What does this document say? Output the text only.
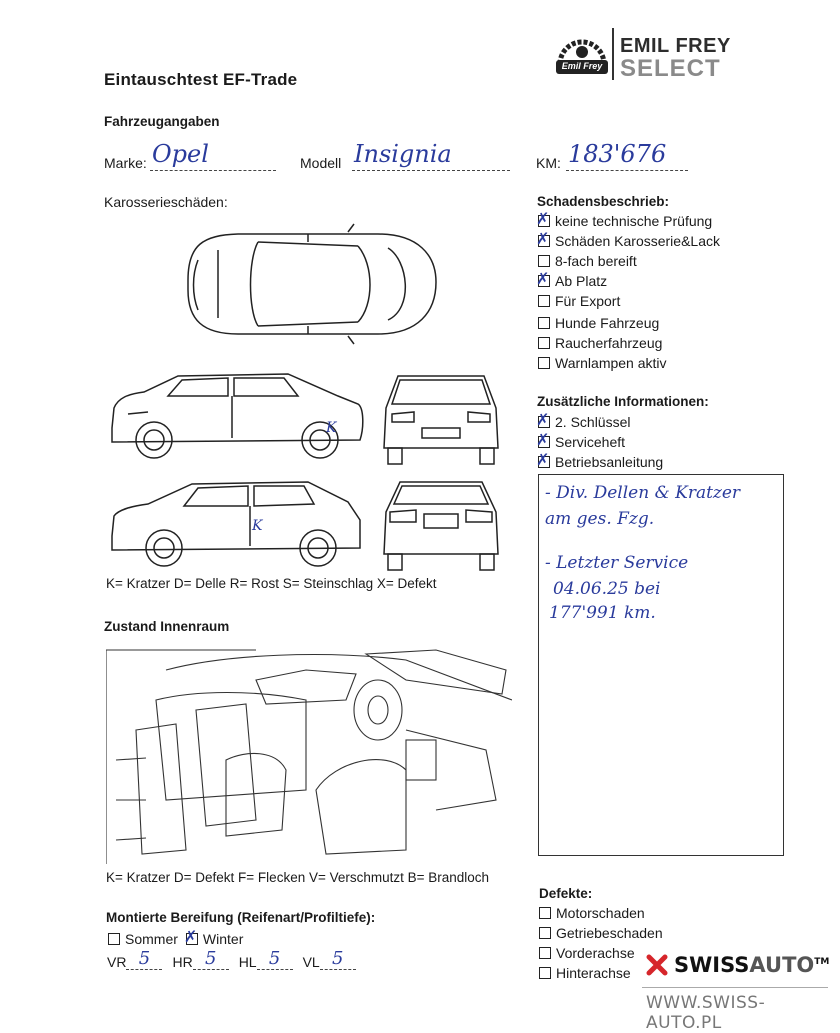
Eintauschtest EF-Trade
Emil Frey
EMIL FREY
SELECT
Fahrzeugangaben
Marke: Opel	Modell Insignia	KM: 183'676
Karosserieschäden:
K
K
K= Kratzer D= Delle R= Rost S= Steinschlag X= Defekt
Schadensbeschrieb:
✗
keine technische Prüfung
✗
Schäden Karosserie&Lack
8-fach bereift
✗
Ab Platz
Für Export
Hunde Fahrzeug
Raucherfahrzeug
Warnlampen aktiv
Zusätzliche Informationen:
✗
2. Schlüssel
✗
Serviceheft
✗
Betriebsanleitung
- Div. Dellen & Kratzer
am ges. Fzg.
- Letzter Service
04.06.25 bei
177'991 km.
Zustand Innenraum
K= Kratzer D= Defekt F= Flecken V= Verschmutzt B= Brandloch
Montierte Bereifung (Reifenart/Profiltiefe):
Sommer
✗ Winter
VR 5	HR 5	HL 5	VL 5
Defekte:
Motorschaden
Getriebeschaden
Vorderachse
Hinterachse SWISSAUTO™
WWW.SWISS-AUTO.PL
